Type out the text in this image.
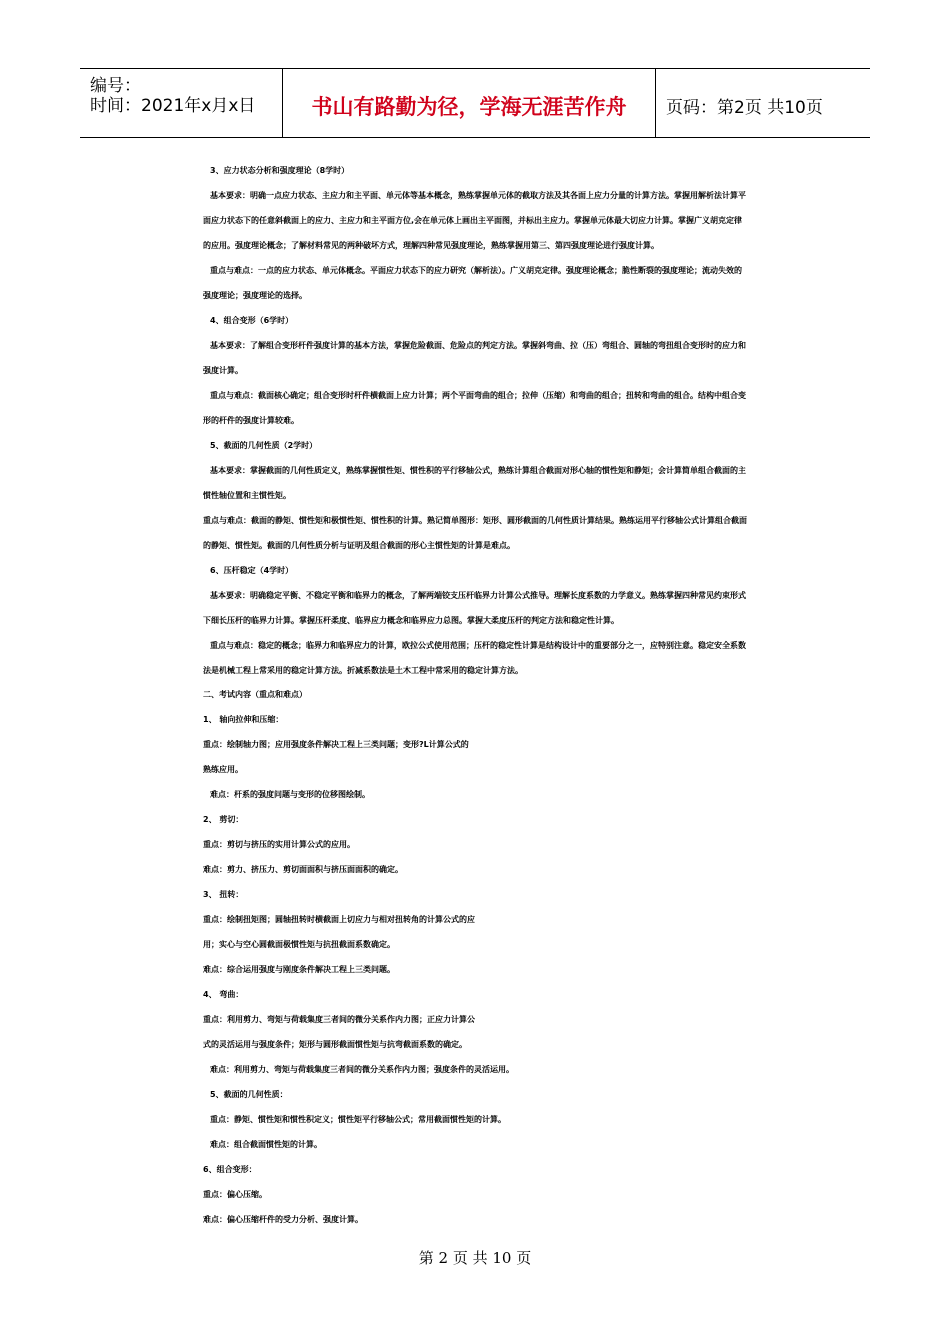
编号：
时间：2021年x月x日	书山有路勤为径，学海无涯苦作舟	页码：第2页 共10页
3、应力状态分析和强度理论（8学时）
基本要求：明确一点应力状态、主应力和主平面、单元体等基本概念，熟练掌握单元体的截取方法及其各面上应力分量的计算方法。掌握用解析法计算平
面应力状态下的任意斜截面上的应力、主应力和主平面方位,会在单元体上画出主平面图，并标出主应力。掌握单元体最大切应力计算。掌握广义胡克定律
的应用。强度理论概念；了解材料常见的两种破坏方式，理解四种常见强度理论，熟练掌握用第三、第四强度理论进行强度计算。
重点与难点：一点的应力状态、单元体概念。平面应力状态下的应力研究（解析法）。广义胡克定律。强度理论概念；脆性断裂的强度理论；流动失效的
强度理论；强度理论的选择。
4、组合变形（6学时）
基本要求：了解组合变形杆件强度计算的基本方法，掌握危险截面、危险点的判定方法。掌握斜弯曲、拉（压）弯组合、圆轴的弯扭组合变形时的应力和
强度计算。
重点与难点：截面核心确定；组合变形时杆件横截面上应力计算；两个平面弯曲的组合；拉伸（压缩）和弯曲的组合；扭转和弯曲的组合。结构中组合变
形的杆件的强度计算较难。
5、截面的几何性质（2学时）
基本要求：掌握截面的几何性质定义，熟练掌握惯性矩、惯性积的平行移轴公式，熟练计算组合截面对形心轴的惯性矩和静矩；会计算简单组合截面的主
惯性轴位置和主惯性矩。
重点与难点：截面的静矩、惯性矩和极惯性矩、惯性积的计算。熟记简单图形：矩形、圆形截面的几何性质计算结果。熟练运用平行移轴公式计算组合截面
的静矩、惯性矩。截面的几何性质分析与证明及组合截面的形心主惯性矩的计算是难点。
6、压杆稳定（4学时）
基本要求：明确稳定平衡、不稳定平衡和临界力的概念，了解两端铰支压杆临界力计算公式推导。理解长度系数的力学意义。熟练掌握四种常见约束形式
下细长压杆的临界力计算。掌握压杆柔度、临界应力概念和临界应力总图。掌握大柔度压杆的判定方法和稳定性计算。
重点与难点：稳定的概念；临界力和临界应力的计算，欧拉公式使用范围；压杆的稳定性计算是结构设计中的重要部分之一，应特别注意。稳定安全系数
法是机械工程上常采用的稳定计算方法。折减系数法是土木工程中常采用的稳定计算方法。
二、考试内容（重点和难点）
1、 轴向拉伸和压缩：
重点：绘制轴力图；应用强度条件解决工程上三类问题；变形?L计算公式的
熟练应用。
难点：杆系的强度问题与变形的位移图绘制。
2、 剪切：
重点：剪切与挤压的实用计算公式的应用。
难点：剪力、挤压力、剪切面面积与挤压面面积的确定。
3、 扭转：
重点：绘制扭矩图；圆轴扭转时横截面上切应力与相对扭转角的计算公式的应
用；实心与空心圆截面极惯性矩与抗扭截面系数确定。
难点：综合运用强度与刚度条件解决工程上三类问题。
4、 弯曲：
重点：利用剪力、弯矩与荷载集度三者间的微分关系作内力图；正应力计算公
式的灵活运用与强度条件；矩形与圆形截面惯性矩与抗弯截面系数的确定。
难点：利用剪力、弯矩与荷载集度三者间的微分关系作内力图；强度条件的灵活运用。
5、截面的几何性质：
重点：静矩、惯性矩和惯性积定义；惯性矩平行移轴公式；常用截面惯性矩的计算。
难点：组合截面惯性矩的计算。
6、组合变形：
重点：偏心压缩。
难点：偏心压缩杆件的受力分析、强度计算。
第 2 页 共 10 页
